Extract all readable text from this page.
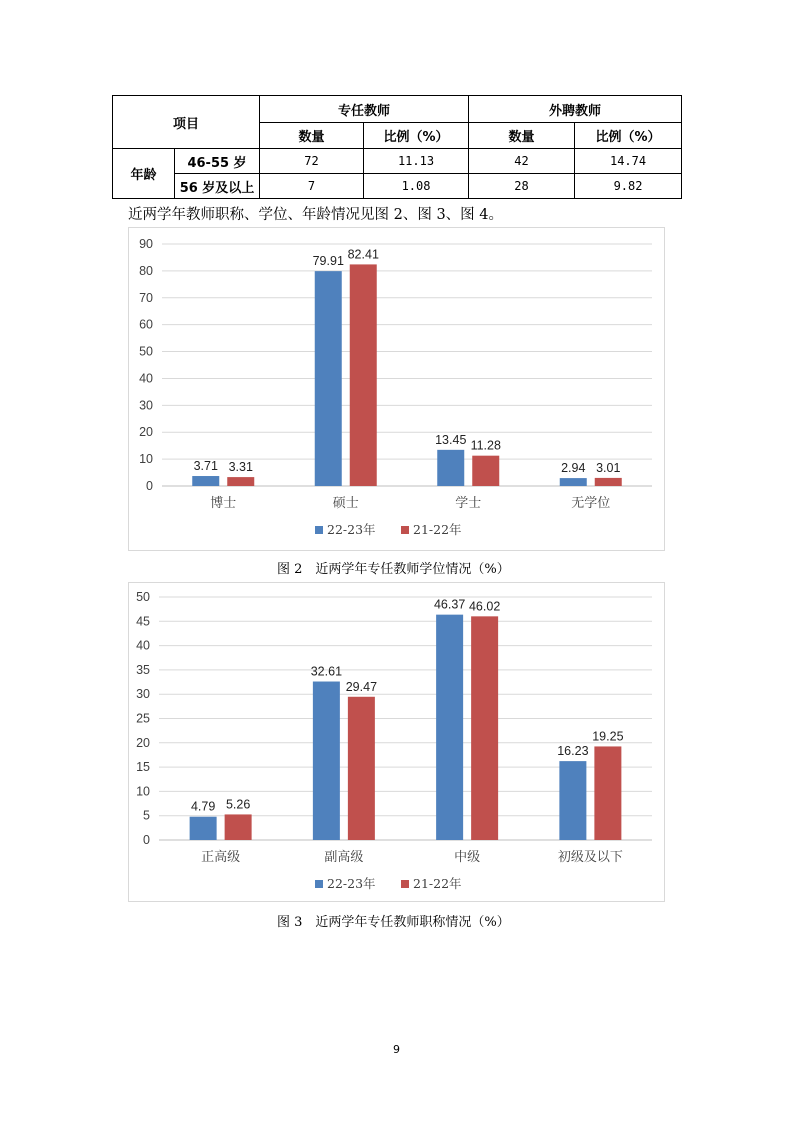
项目		专任教师		外聘教师	
		数量	比例（%）	数量	比例（%）
年龄	46-55 岁	72	11.13	42	14.74
	56 岁及以上	7	1.08	28	9.82

近两学年教师职称、学位、年龄情况见图 2、图 3、图 4。

0
10
20
30
40
50
60
70
80
90
博士
3.71 3.31
硕士
79.91 82.41
学士
13.45 11.28
无学位
2.94 3.01
22-23年	21-22年

图 2　近两学年专任教师学位情况（%）

0
5
10
15
20
25
30
35
40
45
50
正高级
4.79 5.26
副高级
32.61
29.47
中级
46.37 46.02
初级及以下
16.23
19.25
22-23年	21-22年

图 3　近两学年专任教师职称情况（%）

9
